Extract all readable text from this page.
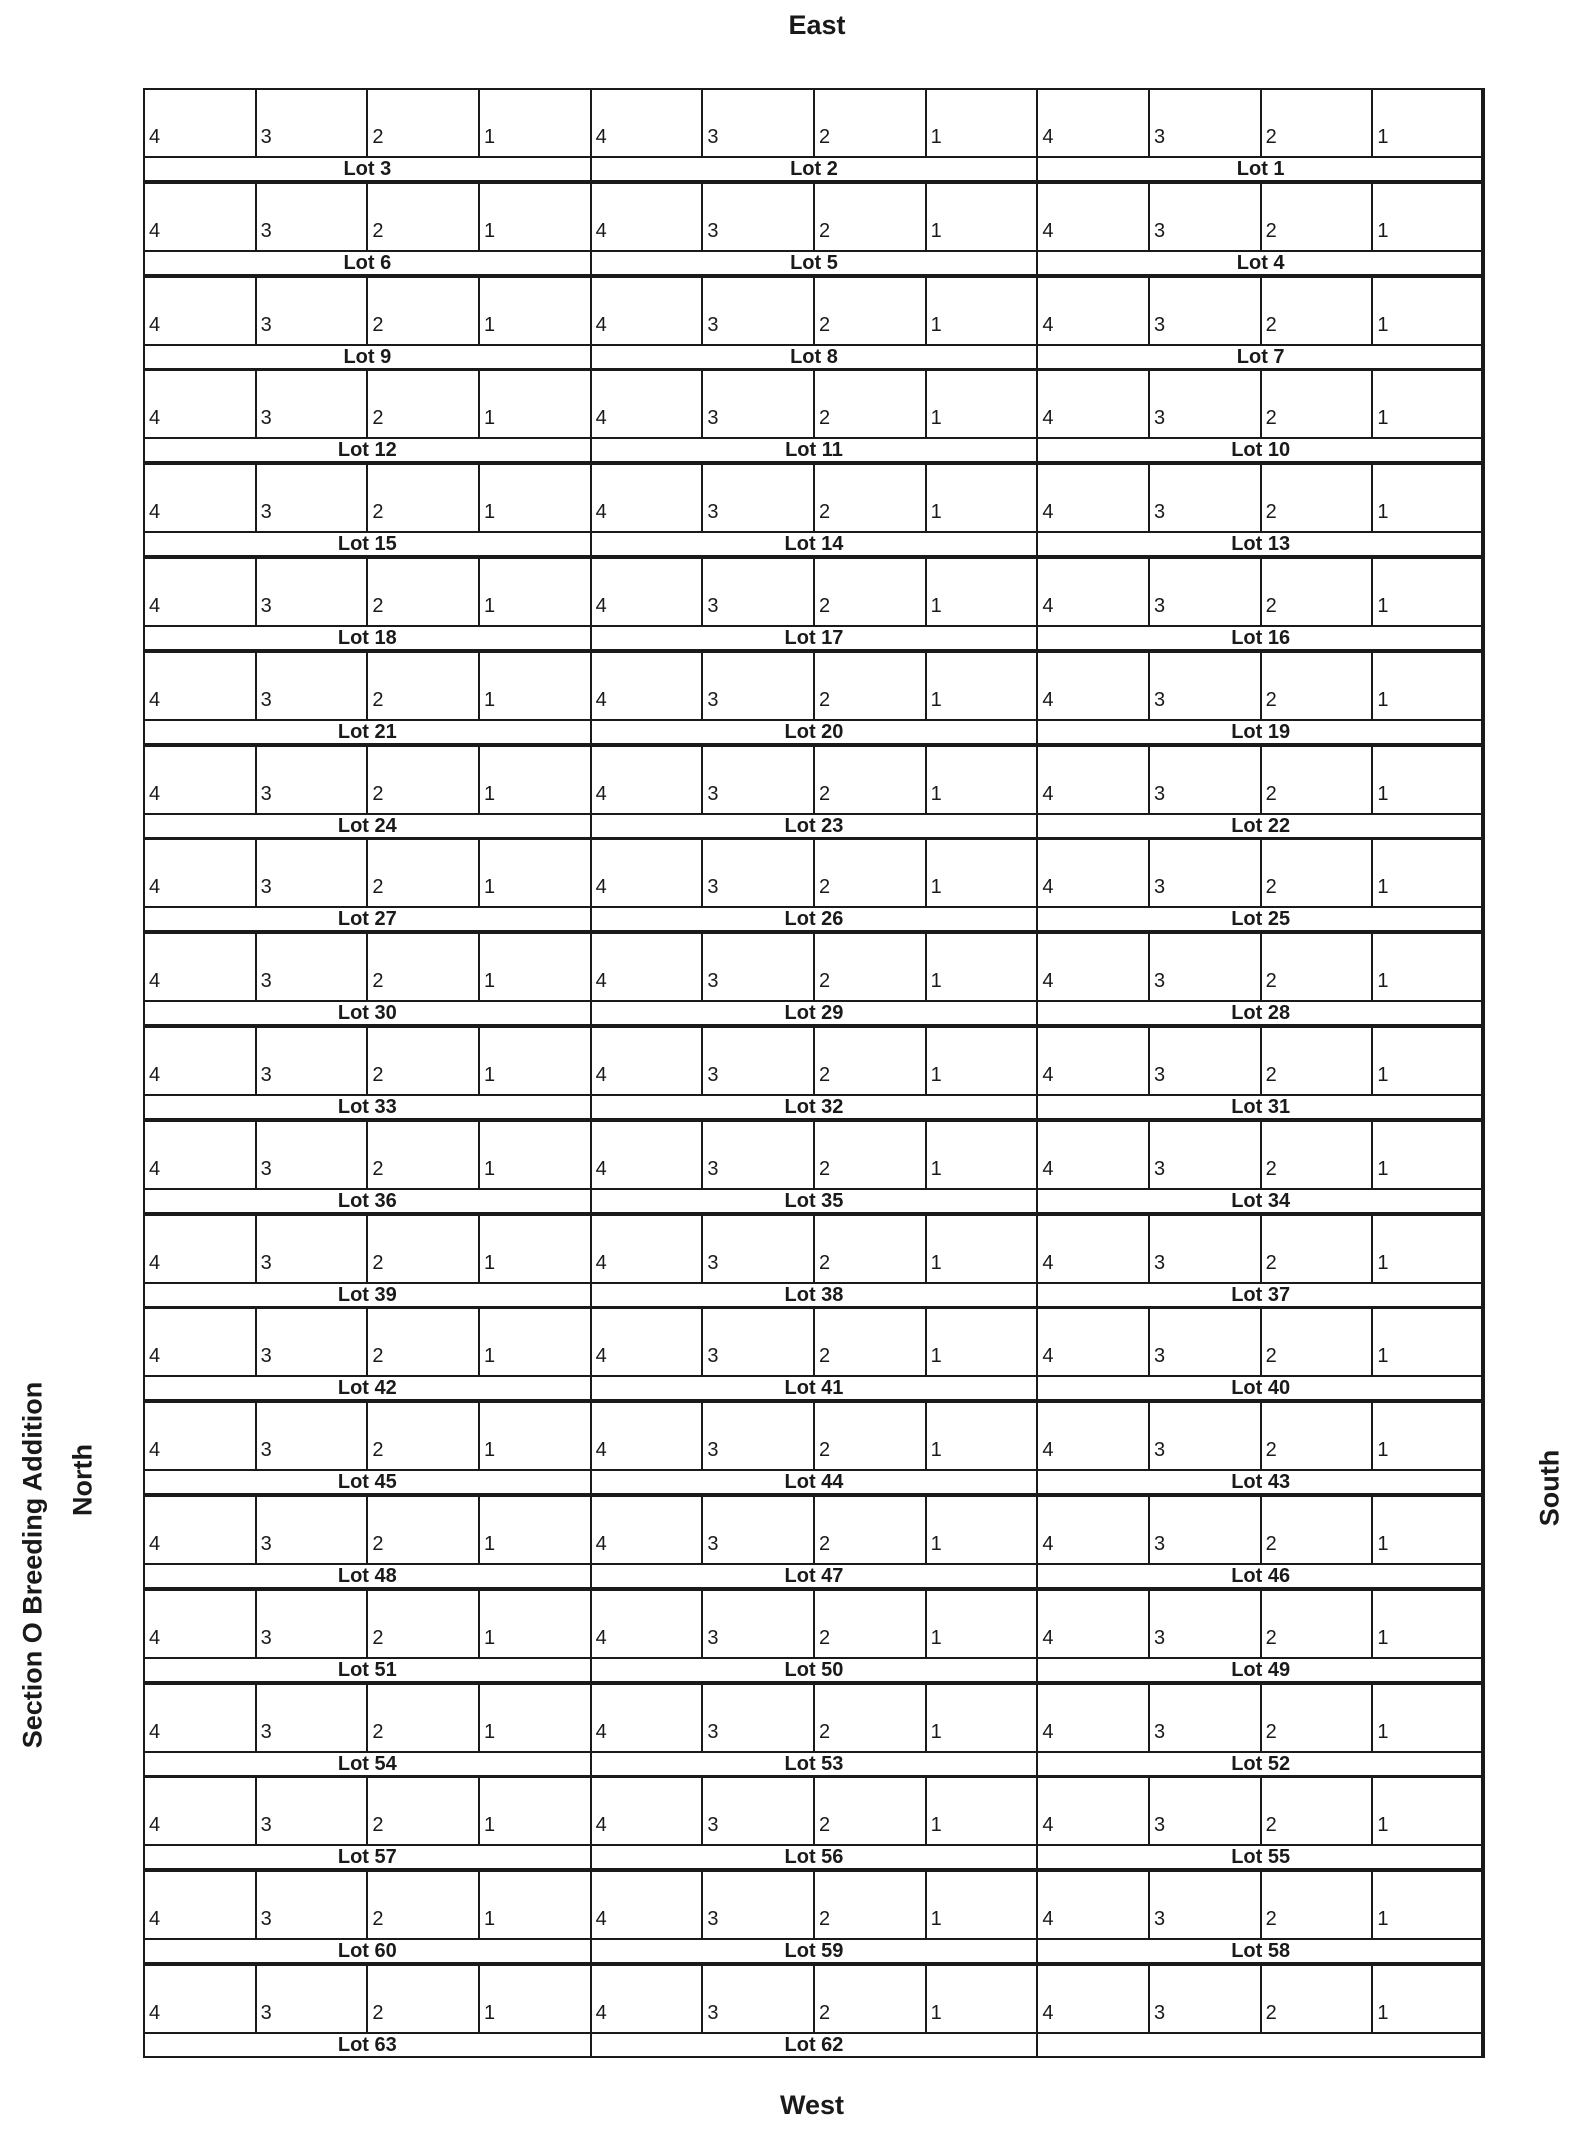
East
Section O Breeding Addition North	South
4	3	2	1	4	3	2	1	4	3	2	1
Lot 3	Lot 2	Lot 1
4	3	2	1	4	3	2	1	4	3	2	1
Lot 6	Lot 5	Lot 4
4	3	2	1	4	3	2	1	4	3	2	1
Lot 9	Lot 8	Lot 7
4	3	2	1	4	3	2	1	4	3	2	1
Lot 12	Lot 11	Lot 10
4	3	2	1	4	3	2	1	4	3	2	1
Lot 15	Lot 14	Lot 13
4	3	2	1	4	3	2	1	4	3	2	1
Lot 18	Lot 17	Lot 16
4	3	2	1	4	3	2	1	4	3	2	1
Lot 21	Lot 20	Lot 19
4	3	2	1	4	3	2	1	4	3	2	1
Lot 24	Lot 23	Lot 22
4	3	2	1	4	3	2	1	4	3	2	1
Lot 27	Lot 26	Lot 25
4	3	2	1	4	3	2	1	4	3	2	1
Lot 30	Lot 29	Lot 28
4	3	2	1	4	3	2	1	4	3	2	1
Lot 33	Lot 32	Lot 31
4	3	2	1	4	3	2	1	4	3	2	1
Lot 36	Lot 35	Lot 34
4	3	2	1	4	3	2	1	4	3	2	1
Lot 39	Lot 38	Lot 37
4	3	2	1	4	3	2	1	4	3	2	1
Lot 42	Lot 41	Lot 40
4	3	2	1	4	3	2	1	4	3	2	1
Lot 45	Lot 44	Lot 43
4	3	2	1	4	3	2	1	4	3	2	1
Lot 48	Lot 47	Lot 46
4	3	2	1	4	3	2	1	4	3	2	1
Lot 51	Lot 50	Lot 49
4	3	2	1	4	3	2	1	4	3	2	1
Lot 54	Lot 53	Lot 52
4	3	2	1	4	3	2	1	4	3	2	1
Lot 57	Lot 56	Lot 55
4	3	2	1	4	3	2	1	4	3	2	1
Lot 60	Lot 59	Lot 58
4	3	2	1	4	3	2	1	4	3	2	1
Lot 63	Lot 62
West
